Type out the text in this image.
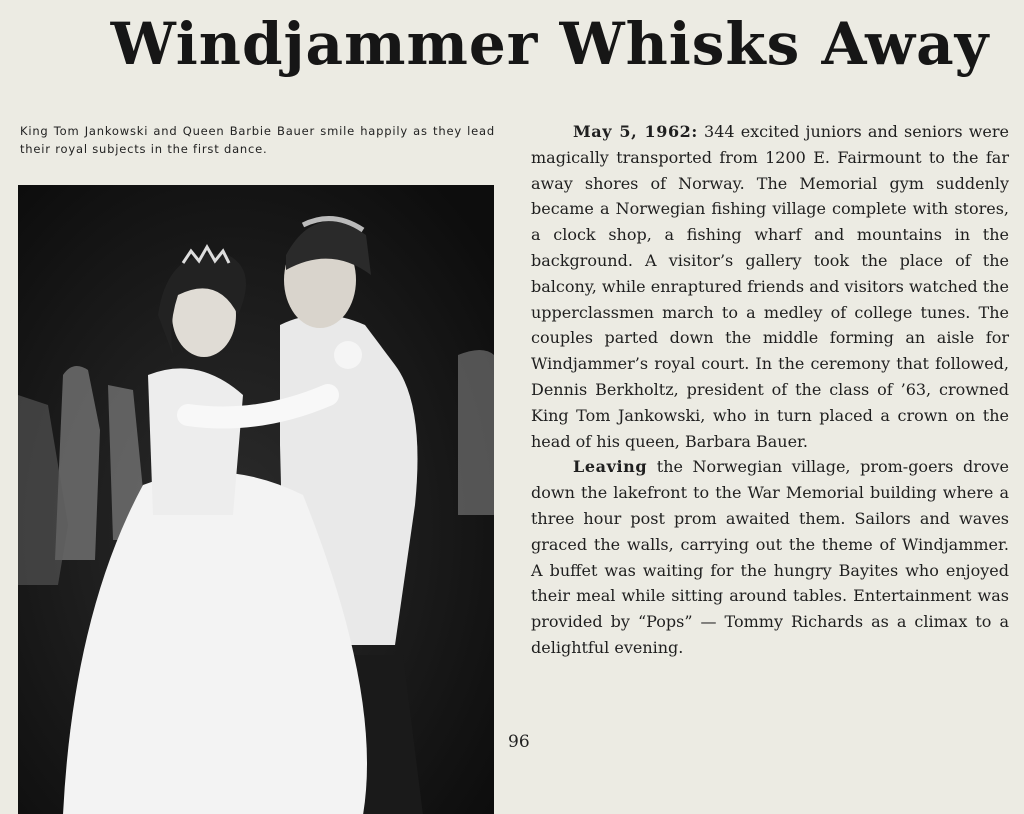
Windjammer Whisks Away
King Tom Jankowski and Queen Barbie Bauer smile happily as they lead their royal subjects in the first dance.

May 5, 1962: 344 excited juniors and seniors were magically transported from 1200 E. Fairmount to the far away shores of Norway. The Memorial gym suddenly became a Norwegian fishing village complete with stores, a clock shop, a fishing wharf and mountains in the background. A visitor’s gallery took the place of the balcony, while enraptured friends and visitors watched the upperclassmen march to a medley of college tunes. The couples parted down the middle forming an aisle for Windjammer’s royal court. In the ceremony that followed, Dennis Berkholtz, president of the class of ’63, crowned King Tom Jankowski, who in turn placed a crown on the head of his queen, Barbara Bauer.

Leaving the Norwegian village, prom-goers drove down the lakefront to the War Memorial building where a three hour post prom awaited them. Sailors and waves graced the walls, carrying out the theme of Windjammer. A buffet was waiting for the hungry Bayites who enjoyed their meal while sitting around tables. Entertainment was provided by “Pops” — Tommy Richards as a climax to a delightful evening.

96
